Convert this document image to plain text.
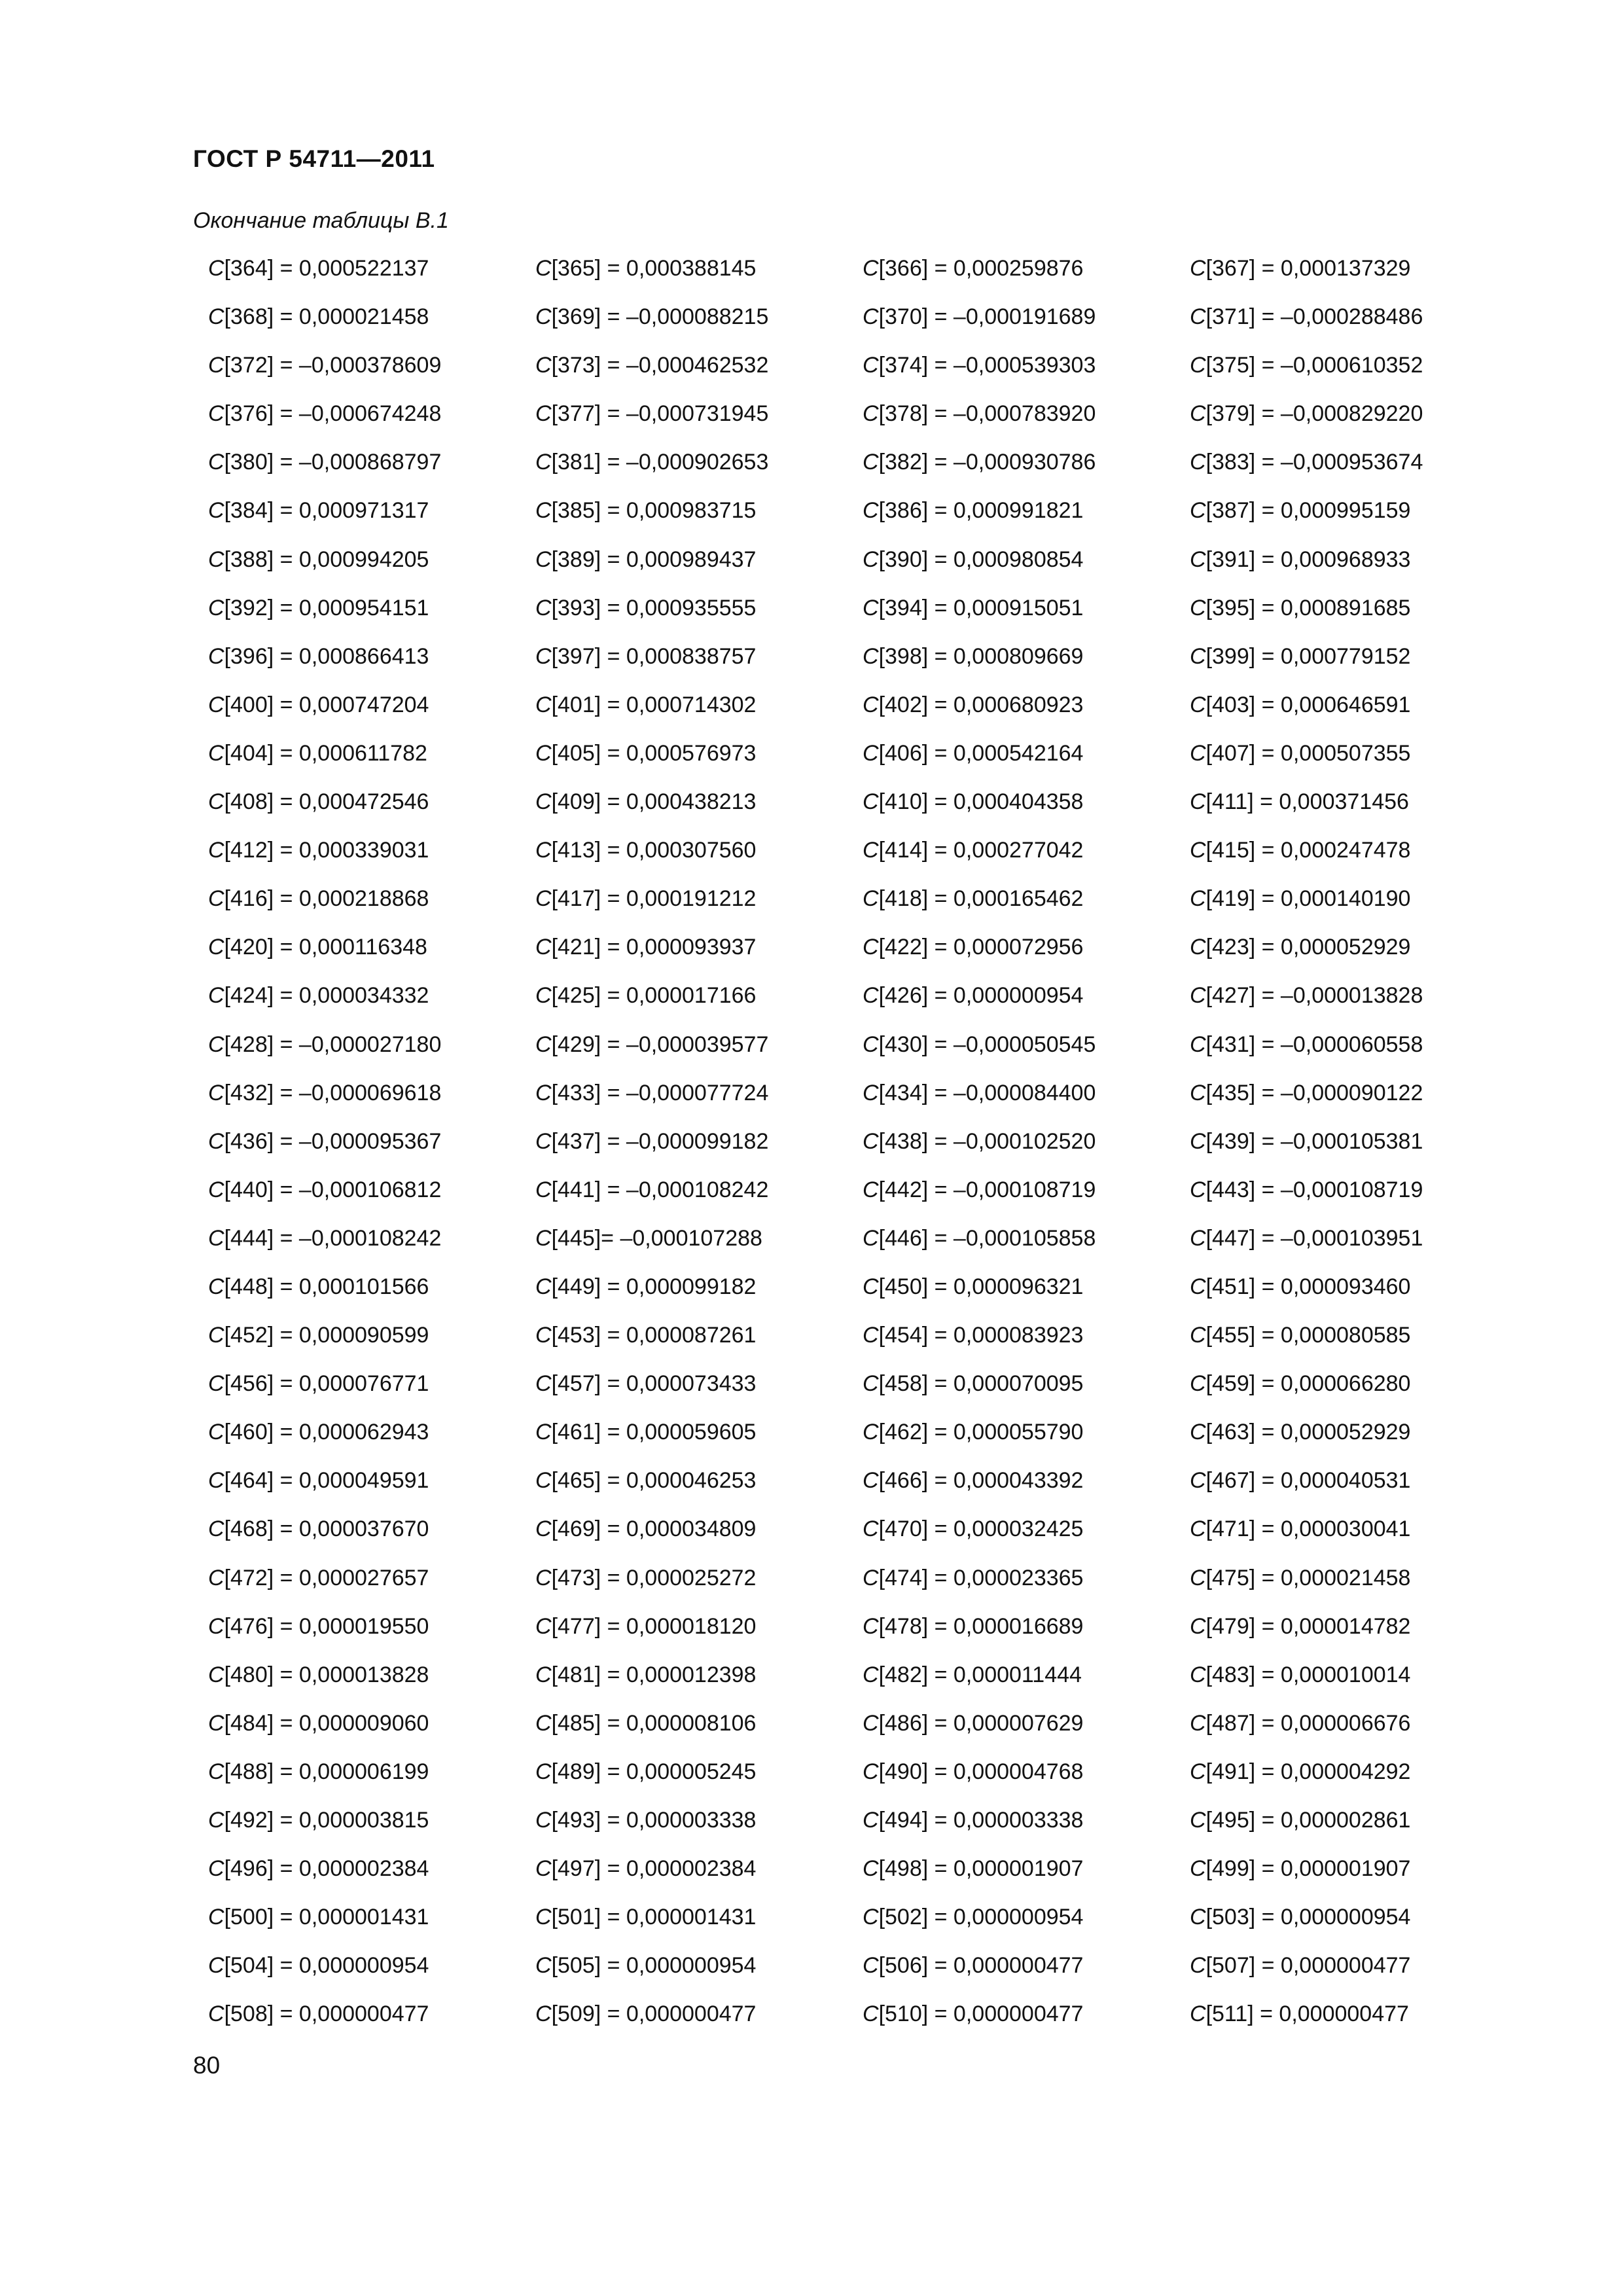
ГОСТ Р 54711—2011
Окончание таблицы В.1
C[364] = 0,000522137	C[365] = 0,000388145	C[366] = 0,000259876	C[367] = 0,000137329
C[368] = 0,000021458	C[369] = –0,000088215	C[370] = –0,000191689	C[371] = –0,000288486
C[372] = –0,000378609	C[373] = –0,000462532	C[374] = –0,000539303	C[375] = –0,000610352
C[376] = –0,000674248	C[377] = –0,000731945	C[378] = –0,000783920	C[379] = –0,000829220
C[380] = –0,000868797	C[381] = –0,000902653	C[382] = –0,000930786	C[383] = –0,000953674
C[384] = 0,000971317	C[385] = 0,000983715	C[386] = 0,000991821	C[387] = 0,000995159
C[388] = 0,000994205	C[389] = 0,000989437	C[390] = 0,000980854	C[391] = 0,000968933
C[392] = 0,000954151	C[393] = 0,000935555	C[394] = 0,000915051	C[395] = 0,000891685
C[396] = 0,000866413	C[397] = 0,000838757	C[398] = 0,000809669	C[399] = 0,000779152
C[400] = 0,000747204	C[401] = 0,000714302	C[402] = 0,000680923	C[403] = 0,000646591
C[404] = 0,000611782	C[405] = 0,000576973	C[406] = 0,000542164	C[407] = 0,000507355
C[408] = 0,000472546	C[409] = 0,000438213	C[410] = 0,000404358	C[411] = 0,000371456
C[412] = 0,000339031	C[413] = 0,000307560	C[414] = 0,000277042	C[415] = 0,000247478
C[416] = 0,000218868	C[417] = 0,000191212	C[418] = 0,000165462	C[419] = 0,000140190
C[420] = 0,000116348	C[421] = 0,000093937	C[422] = 0,000072956	C[423] = 0,000052929
C[424] = 0,000034332	C[425] = 0,000017166	C[426] = 0,000000954	C[427] = –0,000013828
C[428] = –0,000027180	C[429] = –0,000039577	C[430] = –0,000050545	C[431] = –0,000060558
C[432] = –0,000069618	C[433] = –0,000077724	C[434] = –0,000084400	C[435] = –0,000090122
C[436] = –0,000095367	C[437] = –0,000099182	C[438] = –0,000102520	C[439] = –0,000105381
C[440] = –0,000106812	C[441] = –0,000108242	C[442] = –0,000108719	C[443] = –0,000108719
C[444] = –0,000108242	C[445]= –0,000107288	C[446] = –0,000105858	C[447] = –0,000103951
C[448] = 0,000101566	C[449] = 0,000099182	C[450] = 0,000096321	C[451] = 0,000093460
C[452] = 0,000090599	C[453] = 0,000087261	C[454] = 0,000083923	C[455] = 0,000080585
C[456] = 0,000076771	C[457] = 0,000073433	C[458] = 0,000070095	C[459] = 0,000066280
C[460] = 0,000062943	C[461] = 0,000059605	C[462] = 0,000055790	C[463] = 0,000052929
C[464] = 0,000049591	C[465] = 0,000046253	C[466] = 0,000043392	C[467] = 0,000040531
C[468] = 0,000037670	C[469] = 0,000034809	C[470] = 0,000032425	C[471] = 0,000030041
C[472] = 0,000027657	C[473] = 0,000025272	C[474] = 0,000023365	C[475] = 0,000021458
C[476] = 0,000019550	C[477] = 0,000018120	C[478] = 0,000016689	C[479] = 0,000014782
C[480] = 0,000013828	C[481] = 0,000012398	C[482] = 0,000011444	C[483] = 0,000010014
C[484] = 0,000009060	C[485] = 0,000008106	C[486] = 0,000007629	C[487] = 0,000006676
C[488] = 0,000006199	C[489] = 0,000005245	C[490] = 0,000004768	C[491] = 0,000004292
C[492] = 0,000003815	C[493] = 0,000003338	C[494] = 0,000003338	C[495] = 0,000002861
C[496] = 0,000002384	C[497] = 0,000002384	C[498] = 0,000001907	C[499] = 0,000001907
C[500] = 0,000001431	C[501] = 0,000001431	C[502] = 0,000000954	C[503] = 0,000000954
C[504] = 0,000000954	C[505] = 0,000000954	C[506] = 0,000000477	C[507] = 0,000000477
C[508] = 0,000000477	C[509] = 0,000000477	C[510] = 0,000000477	C[511] = 0,000000477
80
